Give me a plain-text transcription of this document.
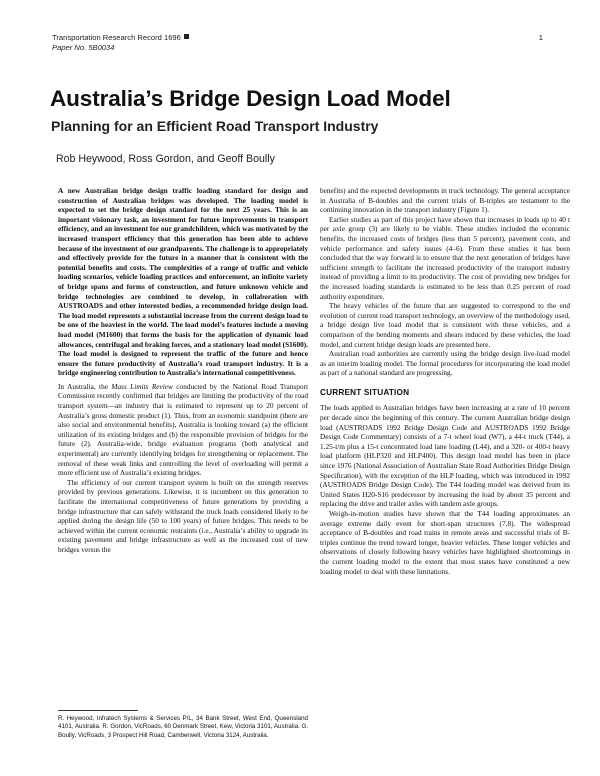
Transportation Research Record 1696
Paper No. 5B0034
1
Australia’s Bridge Design Load Model
Planning for an Efficient Road Transport Industry
Rob Heywood, Ross Gordon, and Geoff Boully

A new Australian bridge design traffic loading standard for design and construction of Australian bridges was developed. The loading model is expected to set the bridge design standard for the next 25 years. This is an important visionary task, an investment for future improvements in transport efficiency, and an investment for our grandchildren, which was motivated by the increased transport efficiency that this generation has been able to achieve because of the investment of our grandparents. The challenge is to appropriately and effectively provide for the future in a manner that is consistent with the potential benefits and costs. The complexities of a range of traffic and vehicle loading scenarios, vehicle loading practices and enforcement, an infinite variety of bridge spans and forms of construction, and future unknown vehicle and bridge technologies are combined to develop, in collaboration with AUSTROADS and other interested bodies, a recommended bridge design load. The load model represents a substantial increase from the current design load to be one of the heaviest in the world. The load model’s features include a moving load model (M1600) that forms the basis for the application of dynamic load allowances, centrifugal and braking forces, and a stationary load model (S1600). The load model is designed to represent the traffic of the future and hence ensure the future productivity of Australia’s road transport industry. It is a bridge engineering contribution to Australia’s international competitiveness.

In Australia, the Mass Limits Review conducted by the National Road Transport Commission recently confirmed that bridges are limiting the productivity of the road transport system—an industry that is estimated to represent up to 20 percent of Australia’s gross domestic product (1). Thus, from an economic standpoint (there are also social and environmental benefits), Australia is looking toward (a) the efficient utilization of its existing bridges and (b) the responsible provision of bridges for the future (2). Australia-wide, bridge evaluation programs (both analytical and experimental) are currently identifying bridges for strengthening or replacement. The removal of these weak links and controlling the level of overloading will permit a more efficient use of Australia’s existing bridges.

The efficiency of our current transport system is built on the strength reserves provided by previous generations. Likewise, it is incumbent on this generation to facilitate the international competitiveness of future generations by providing a bridge infrastructure that can safely withstand the truck loads considered likely to be applied during the design life (50 to 100 years) of future bridges. This needs to be achieved within the current economic restraints (i.e., Australia’s ability to upgrade its existing pavement and bridge infrastructure as well as the increased cost of new bridges versus the

R. Heywood, Infratech Systems & Services P/L, 34 Bank Street, West End, Queensland 4101, Australia. R. Gordon, VicRoads, 60 Denmark Street, Kew, Victoria 3101, Australia. G. Boully, VicRoads, 3 Prospect Hill Road, Camberwell, Victoria 3124, Australia.

benefits) and the expected developments in truck technology. The general acceptance in Australia of B-doubles and the current trials of B-triples are testament to the continuing innovation in the transport industry (Figure 1).

Earlier studies as part of this project have shown that increases in loads up to 40 t per axle group (3) are likely to be viable. These studies included the economic benefits, the increased costs of bridges (less than 5 percent), pavement costs, and vehicle performance and safety issues (4–6). From these studies it has been concluded that the way forward is to ensure that the next generation of bridges have sufficient strength to facilitate the increased productivity of the transport industry instead of providing a limit to its productivity. The cost of providing new bridges for the increased loading standards is estimated to be less than 0.25 percent of road authority expenditure.

The heavy vehicles of the future that are suggested to correspond to the end evolution of current road transport technology, an overview of the methodology used, a bridge design live load model that is consistent with these vehicles, and a comparison of the bending moments and shears induced by these vehicles, the load model, and current bridge design loads are presented here.

Australian road authorities are currently using the bridge design live-load model as an interim loading model. The formal procedures for incorporating the load model as part of a national standard are progressing.

CURRENT SITUATION

The loads applied to Australian bridges have been increasing at a rate of 10 percent per decade since the beginning of this century. The current Australian bridge design load (AUSTROADS 1992 Bridge Design Code and AUSTROADS 1992 Bridge Design Code Commentary) consists of a 7-t wheel load (W7), a 44-t truck (T44), a 1.25-t/m plus a 15-t concentrated load lane loading (L44), and a 320- or 400-t heavy load platform (HLP320 and HLP400). This design load model has been in place since 1976 (National Association of Australian State Road Authorities Bridge Design Specification), with the exception of the HLP loading, which was introduced in 1992 (AUSTROADS Bridge Design Code). The T44 loading model was derived from its United States H20-S16 predecessor by increasing the load by about 35 percent and replacing the drive and trailer axles with tandem axle groups.

Weigh-in-motion studies have shown that the T44 loading approximates an average extreme daily event for short-span structures (7,8). The widespread acceptance of B-doubles and road trains in remote areas and successful trials of B-triples continue the trend toward longer, heavier vehicles. These longer vehicles and observations of closely following heavy vehicles have highlighted shortcomings in the current loading model to the extent that most states have constituted a new loading model to deal with these limitations.
